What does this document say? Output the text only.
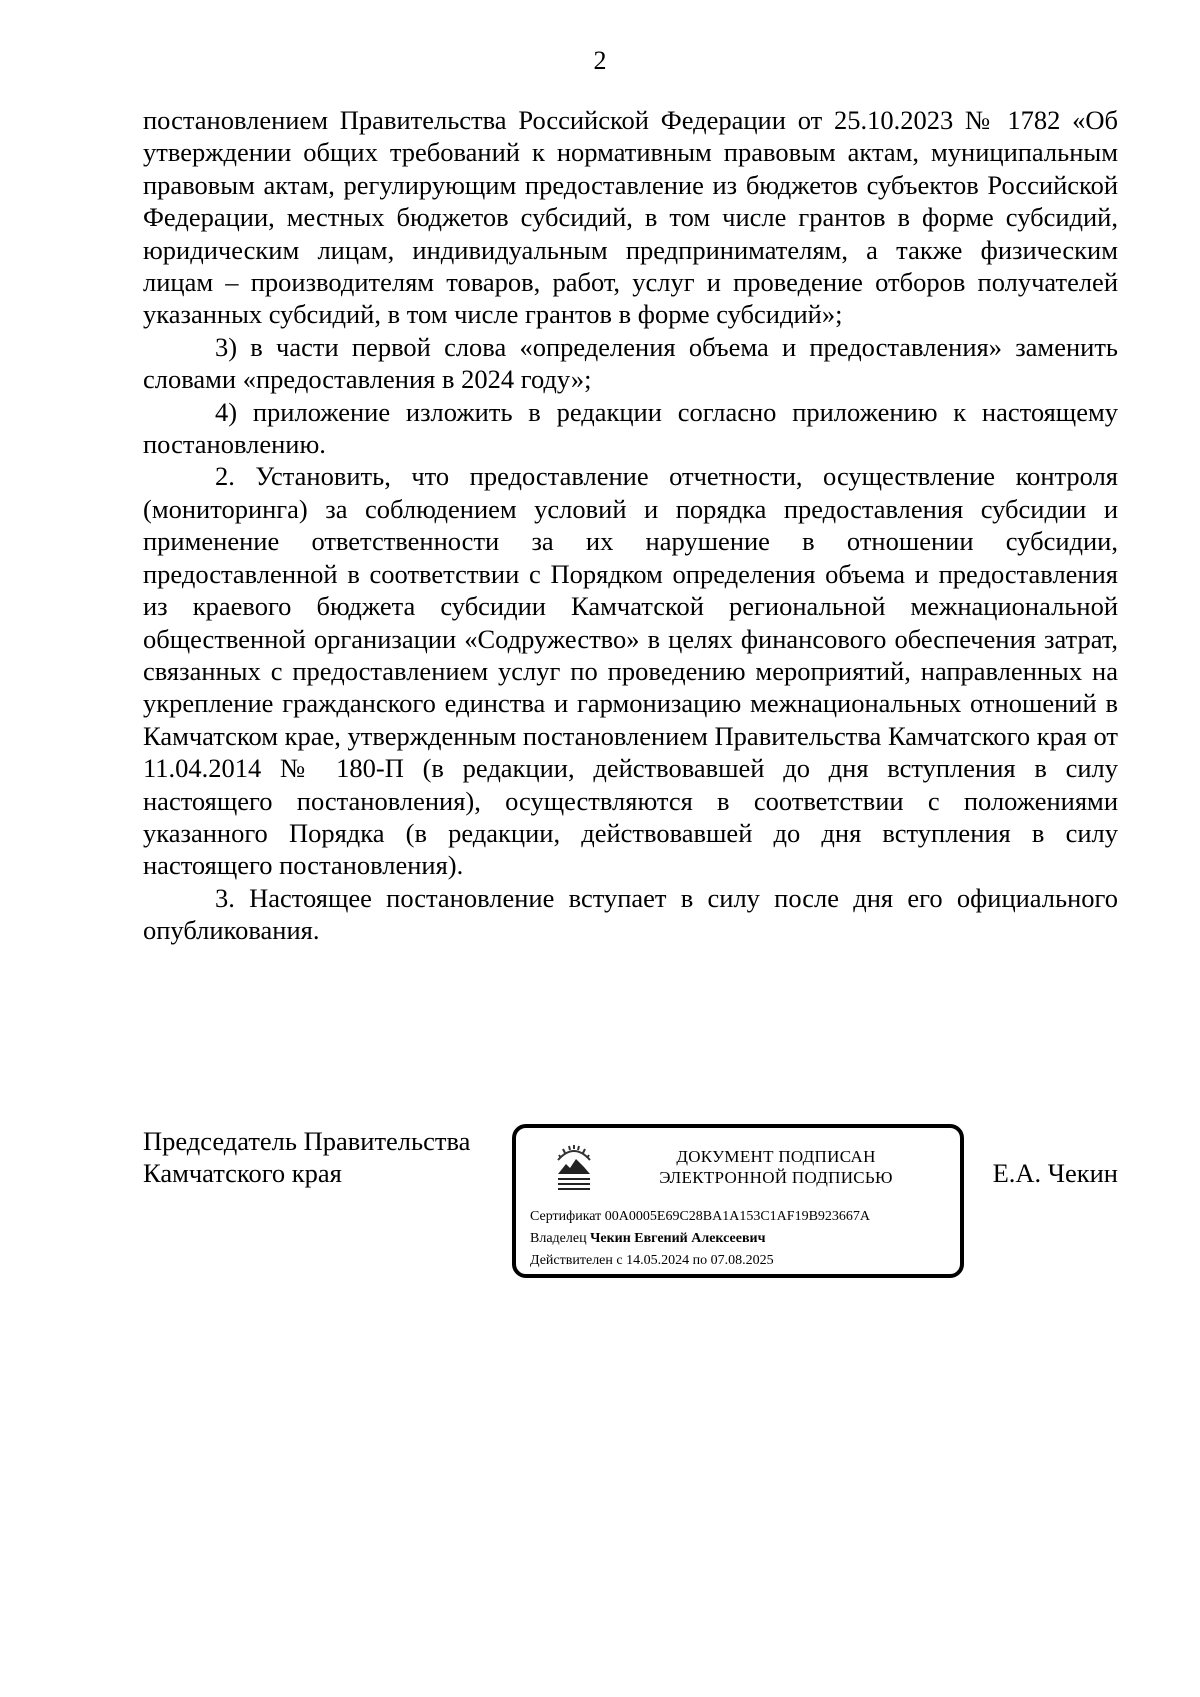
2

постановлением Правительства Российской Федерации от 25.10.2023 № 1782 «Об утверждении общих требований к нормативным правовым актам, муниципальным правовым актам, регулирующим предоставление из бюджетов субъектов Российской Федерации, местных бюджетов субсидий, в том числе грантов в форме субсидий, юридическим лицам, индивидуальным предпринимателям, а также физическим лицам – производителям товаров, работ, услуг и проведение отборов получателей указанных субсидий, в том числе грантов в форме субсидий»;

3) в части первой слова «определения объема и предоставления» заменить словами «предоставления в 2024 году»;

4) приложение изложить в редакции согласно приложению к настоящему постановлению.

2. Установить, что предоставление отчетности, осуществление контроля (мониторинга) за соблюдением условий и порядка предоставления субсидии и применение ответственности за их нарушение в отношении субсидии, предоставленной в соответствии с Порядком определения объема и предоставления из краевого бюджета субсидии Камчатской региональной межнациональной общественной организации «Содружество» в целях финансового обеспечения затрат, связанных с предоставлением услуг по проведению мероприятий, направленных на укрепление гражданского единства и гармонизацию межнациональных отношений в Камчатском крае, утвержденным постановлением Правительства Камчатского края от 11.04.2014 № 180-П (в редакции, действовавшей до дня вступления в силу настоящего постановления), осуществляются в соответствии с положениями указанного Порядка (в редакции, действовавшей до дня вступления в силу настоящего постановления).

3. Настоящее постановление вступает в силу после дня его официального опубликования.

Председатель Правительства
Камчатского края
ДОКУМЕНТ ПОДПИСАН
ЭЛЕКТРОННОЙ ПОДПИСЬЮ
Сертификат 00A0005E69C28BA1A153C1AF19B923667A
Владелец Чекин Евгений Алексеевич
Действителен с 14.05.2024 по 07.08.2025
Е.А. Чекин
